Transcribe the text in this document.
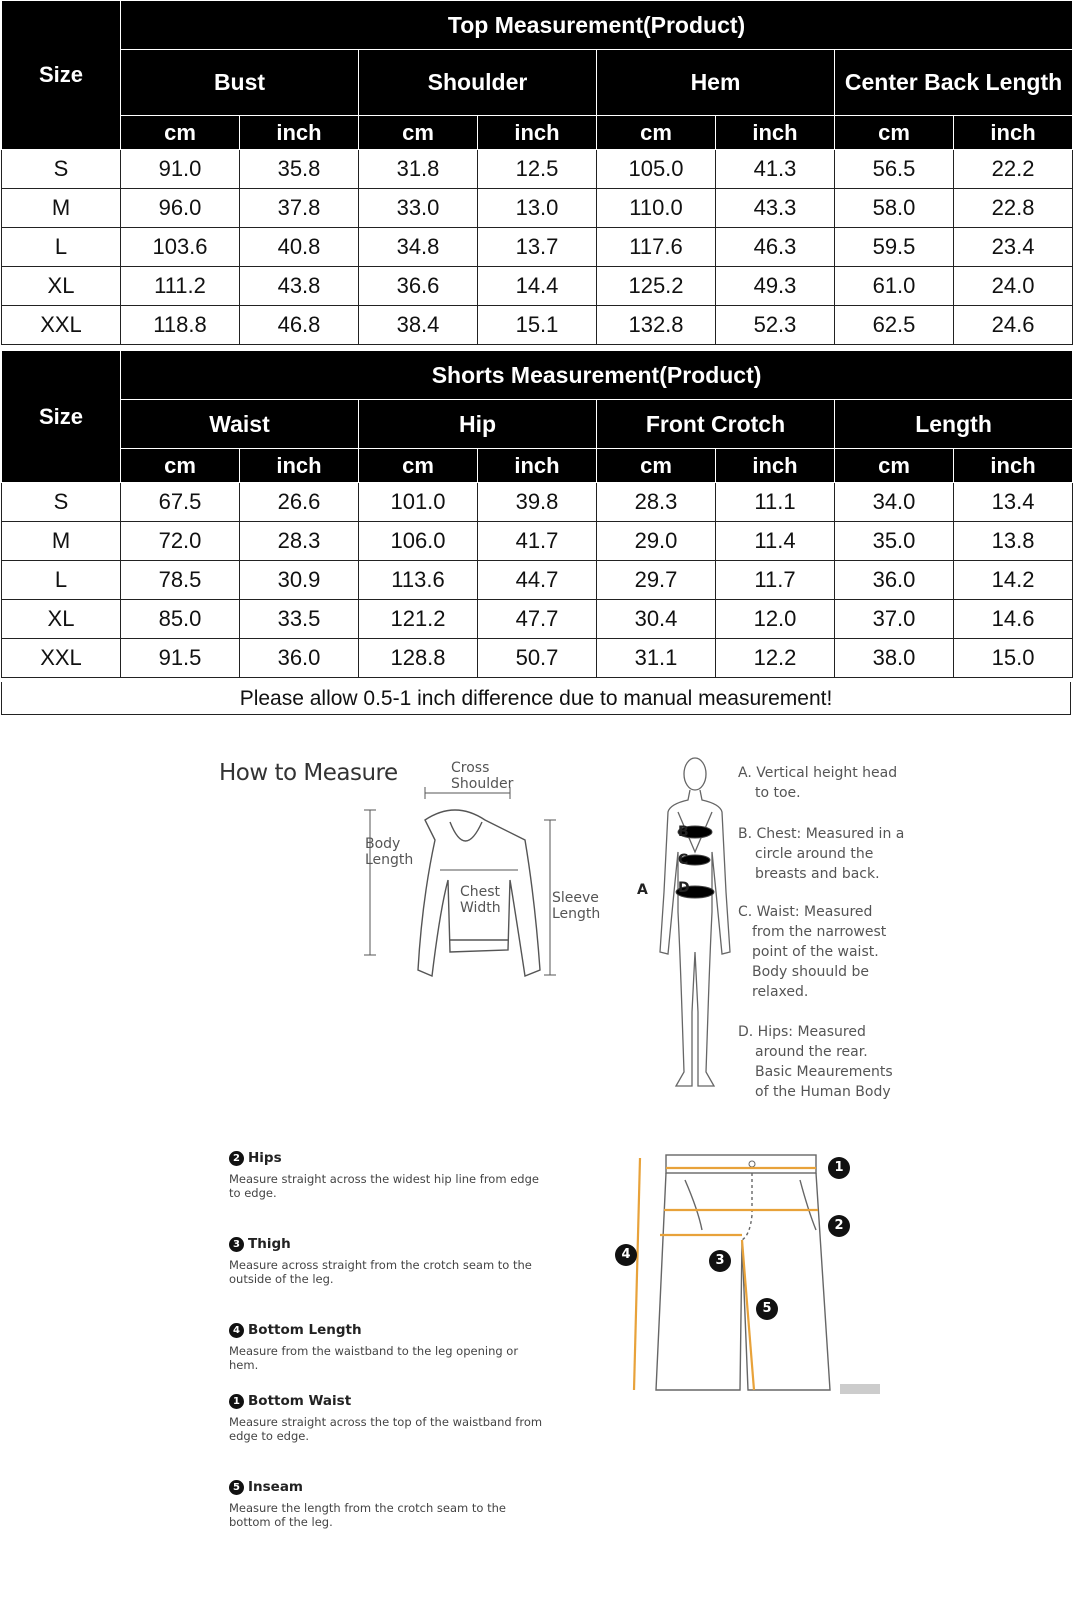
Size	Top Measurement(Product)							
	Bust		Shoulder		Hem		Center Back Length	
	cm	inch	cm	inch	cm	inch	cm	inch
S	91.0	35.8	31.8	12.5	105.0	41.3	56.5	22.2
M	96.0	37.8	33.0	13.0	110.0	43.3	58.0	22.8
L	103.6	40.8	34.8	13.7	117.6	46.3	59.5	23.4
XL	111.2	43.8	36.6	14.4	125.2	49.3	61.0	24.0
XXL	118.8	46.8	38.4	15.1	132.8	52.3	62.5	24.6
Size	Shorts Measurement(Product)							
	Waist		Hip		Front Crotch		Length	
	cm	inch	cm	inch	cm	inch	cm	inch
S	67.5	26.6	101.0	39.8	28.3	11.1	34.0	13.4
M	72.0	28.3	106.0	41.7	29.0	11.4	35.0	13.8
L	78.5	30.9	113.6	44.7	29.7	11.7	36.0	14.2
XL	85.0	33.5	121.2	47.7	30.4	12.0	37.0	14.6
XXL	91.5	36.0	128.8	50.7	31.1	12.2	38.0	15.0
Please allow 0.5-1 inch difference due to manual measurement!
How to Measure	Cross
Shoulder
Body
Length
Chest
Width
Sleeve
Length
B
C
A D
A. Vertical height head
to toe.
B. Chest: Measured in a
circle around the
breasts and back.
C. Waist: Measured
from the narrowest
point of the waist.
Body shouuld be
relaxed.
D. Hips: Measured
around the rear.
Basic Meaurements
of the Human Body
2 Hips
Measure straight across the widest hip line from edge to edge.
3 Thigh
Measure across straight from the crotch seam to the outside of the leg.
4 Bottom Length
Measure from the waistband to the leg opening or hem.
1 Bottom Waist
Measure straight across the top of the waistband from edge to edge.
5 Inseam
Measure the length from the crotch seam to the bottom of the leg.
1
2
3
4
5
